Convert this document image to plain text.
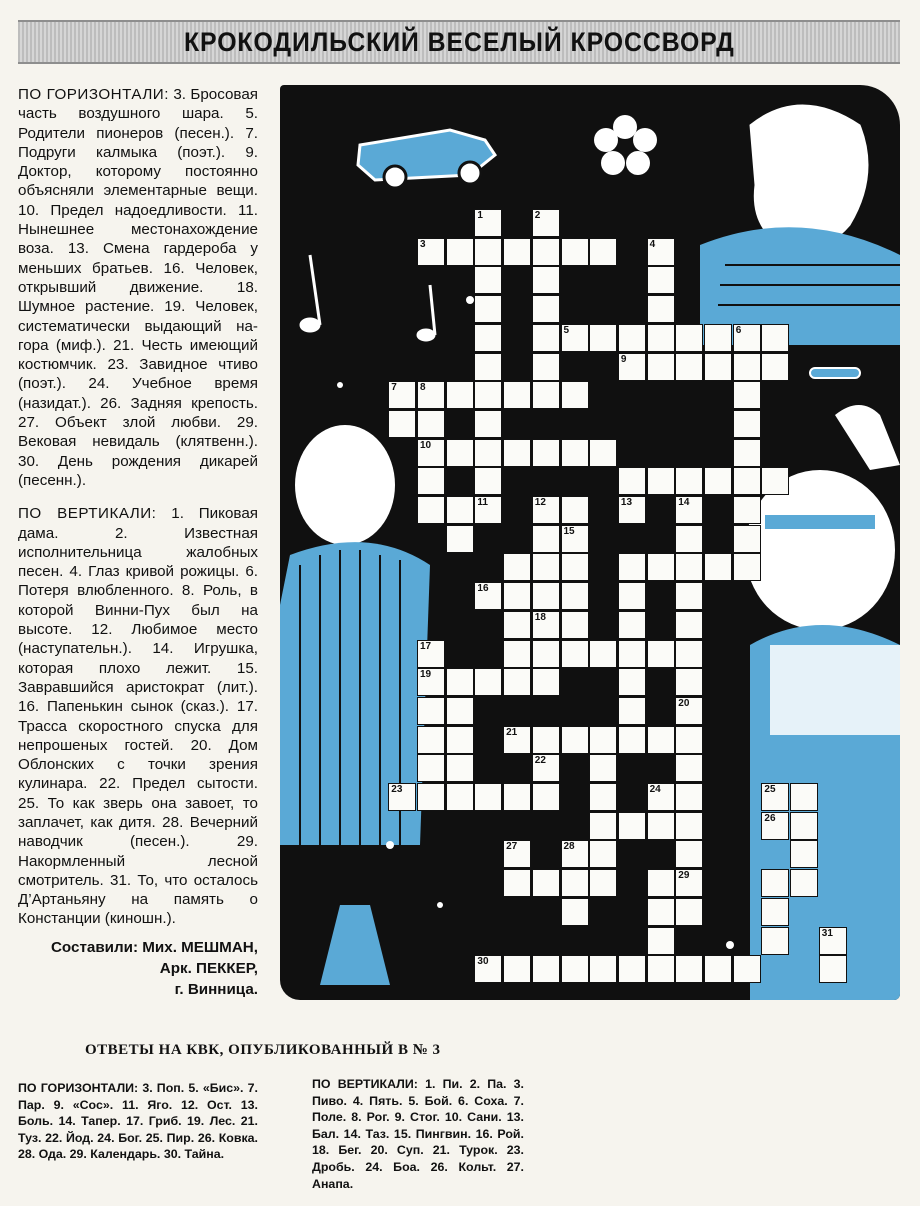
КРОКОДИЛЬСКИЙ ВЕСЕЛЫЙ КРОССВОРД

ПО ГОРИЗОНТАЛИ: 3. Бросовая часть воздушного шара. 5. Родители пионеров (песен.). 7. Подруги калмыка (поэт.). 9. Доктор, которому постоянно объясняли элементарные вещи. 10. Предел надоедливости. 11. Нынешнее местонахождение воза. 13. Смена гардероба у меньших братьев. 16. Человек, открывший движение. 18. Шумное растение. 19. Человек, систематически выдающий на-гора (миф.). 21. Честь имеющий костюмчик. 23. Завидное чтиво (поэт.). 24. Учебное время (назидат.). 26. Задняя крепость. 27. Объект злой любви. 29. Вековая невидаль (клятвенн.). 30. День рождения дикарей (песенн.).

ПО ВЕРТИКАЛИ: 1. Пиковая дама. 2. Известная исполнительница жалобных песен. 4. Глаз кривой рожицы. 6. Потеря влюбленного. 8. Роль, в которой Винни-Пух был на высоте. 12. Любимое место (наступательн.). 14. Игрушка, которая плохо лежит. 15. Завравшийся аристократ (лит.). 16. Папенькин сынок (сказ.). 17. Трасса скоростного спуска для непрошеных гостей. 20. Дом Облонских с точки зрения кулинара. 22. Предел сытости. 25. То как зверь она завоет, то заплачет, как дитя. 28. Вечерний наводчик (песен.). 29. Накормленный лесной смотритель. 31. То, что осталось Д’Артаньяну на память о Констанции (киношн.).

Составили: Мих. МЕШМАН,
Арк. ПЕККЕР,
г. Винница.
3
5	6
9
7 8
10
18
19
23	24
30
1
11
2
4
12
15
14
20
17
29
25
26
31
13
16
21
22
27	28
ОТВЕТЫ НА КВК, ОПУБЛИКОВАННЫЙ В № 3

ПО ГОРИЗОНТАЛИ: 3. Поп. 5. «Бис». 7. Пар. 9. «Сос». 11. Яго. 12. Ост. 13. Боль. 14. Тапер. 17. Гриб. 19. Лес. 21. Туз. 22. Йод. 24. Бог. 25. Пир. 26. Ковка. 28. Ода. 29. Календарь. 30. Тайна.

ПО ВЕРТИКАЛИ: 1. Пи. 2. Па. 3. Пиво. 4. Пять. 5. Бой. 6. Соха. 7. Поле. 8. Рог. 9. Стог. 10. Сани. 13. Бал. 14. Таз. 15. Пингвин. 16. Рой. 18. Бег. 20. Суп. 21. Турок. 23. Дробь. 24. Боа. 26. Кольт. 27. Анапа.
